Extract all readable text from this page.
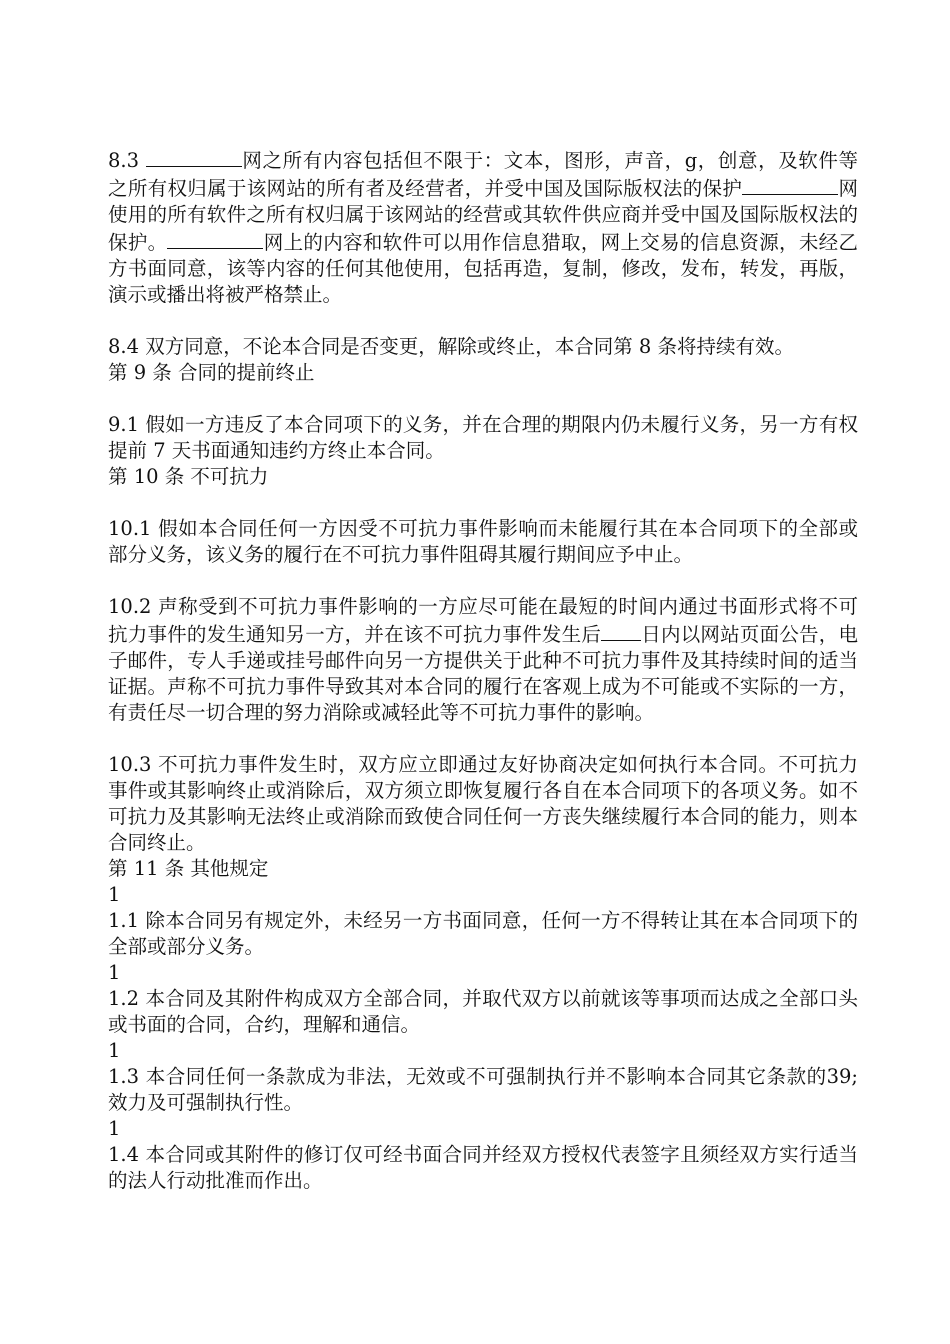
8.3	网之所有内容包括但不限于：文本，图形，声音，g，创意，及软件等之所有权归属于该网站的所有者及经营者，并受中国及国际版权法的保护	网使用的所有软件之所有权归属于该网站的经营或其软件供应商并受中国及国际版权法的保护。	网上的内容和软件可以用作信息猎取，网上交易的信息资源，未经乙方书面同意，该等内容的任何其他使用，包括再造，复制，修改，发布，转发，再版，演示或播出将被严格禁止。

8.4 双方同意，不论本合同是否变更，解除或终止，本合同第 8 条将持续有效。

第 9 条 合同的提前终止

9.1 假如一方违反了本合同项下的义务，并在合理的期限内仍未履行义务，另一方有权提前 7 天书面通知违约方终止本合同。

第 10 条 不可抗力

10.1 假如本合同任何一方因受不可抗力事件影响而未能履行其在本合同项下的全部或部分义务，该义务的履行在不可抗力事件阻碍其履行期间应予中止。

10.2 声称受到不可抗力事件影响的一方应尽可能在最短的时间内通过书面形式将不可抗力事件的发生通知另一方，并在该不可抗力事件发生后 日内以网站页面公告，电子邮件，专人手递或挂号邮件向另一方提供关于此种不可抗力事件及其持续时间的适当证据。声称不可抗力事件导致其对本合同的履行在客观上成为不可能或不实际的一方，有责任尽一切合理的努力消除或减轻此等不可抗力事件的影响。

10.3 不可抗力事件发生时，双方应立即通过友好协商决定如何执行本合同。不可抗力事件或其影响终止或消除后，双方须立即恢复履行各自在本合同项下的各项义务。如不可抗力及其影响无法终止或消除而致使合同任何一方丧失继续履行本合同的能力，则本合同终止。

第 11 条 其他规定

1

1.1 除本合同另有规定外，未经另一方书面同意，任何一方不得转让其在本合同项下的全部或部分义务。

1

1.2 本合同及其附件构成双方全部合同，并取代双方以前就该等事项而达成之全部口头或书面的合同，合约，理解和通信。

1

1.3 本合同任何一条款成为非法，无效或不可强制执行并不影响本合同其它条款的39;效力及可强制执行性。

1

1.4 本合同或其附件的修订仅可经书面合同并经双方授权代表签字且须经双方实行适当的法人行动批准而作出。
